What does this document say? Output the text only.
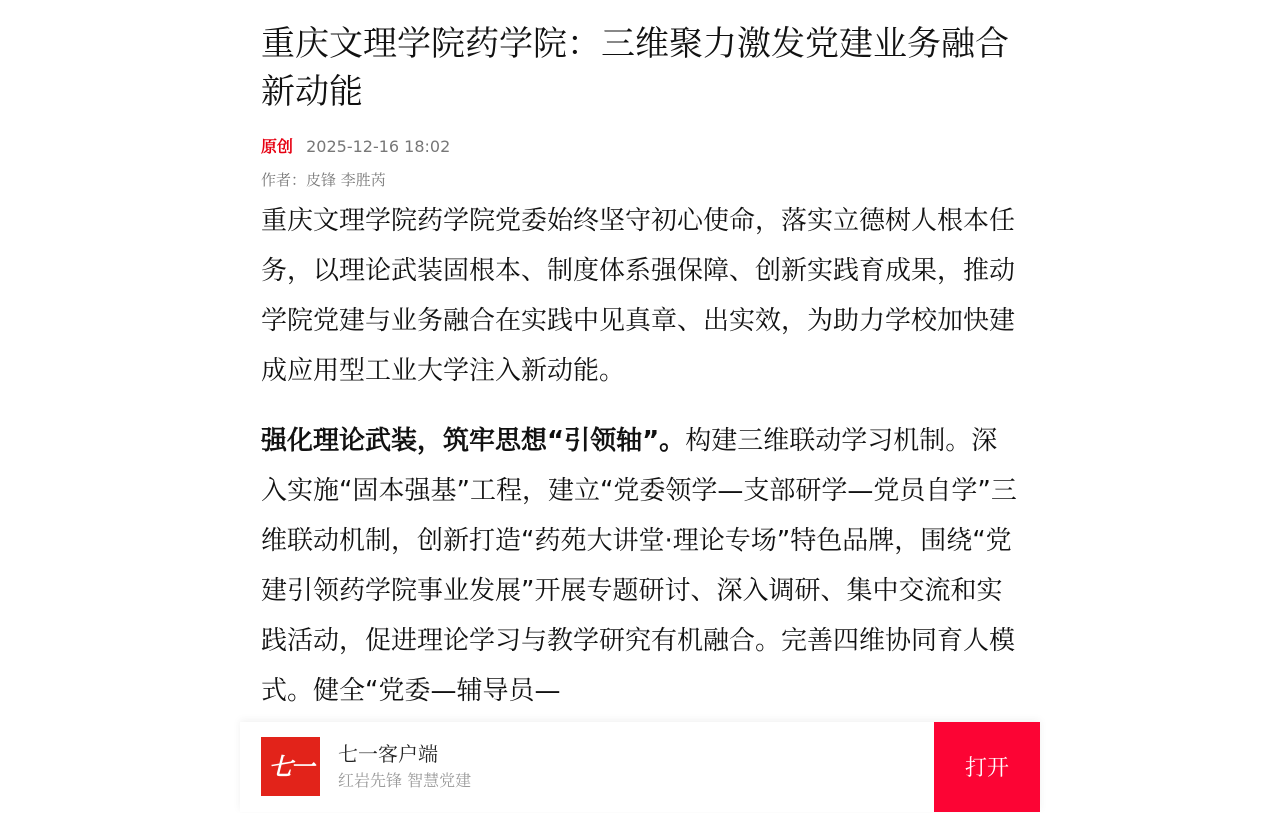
重庆文理学院药学院：三维聚力激发党建业务融合新动能
原创 2025-12-16 18:02
作者：皮锋 李胜芮

重庆文理学院药学院党委始终坚守初心使命，落实立德树人根本任务，以理论武装固根本、制度体系强保障、创新实践育成果，推动学院党建与业务融合在实践中见真章、出实效，为助力学校加快建成应用型工业大学注入新动能。

强化理论武装，筑牢思想“引领轴”。构建三维联动学习机制。深入实施“固本强基”工程，建立“党委领学—支部研学—党员自学”三维联动机制，创新打造“药苑大讲堂·理论专场”特色品牌，围绕“党建引领药学院事业发展”开展专题研讨、深入调研、集中交流和实践活动，促进理论学习与教学研究有机融合。完善四维协同育人模式。健全“党委—辅导员—

七一	七一客户端
红岩先锋 智慧党建
打开
